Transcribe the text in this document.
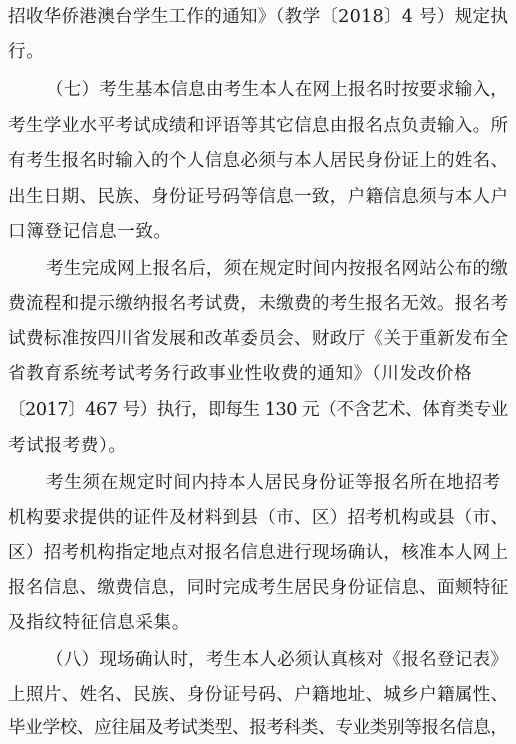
招收华侨港澳台学生工作的通知》（教学〔2018〕4 号）规定执
行。
（七）考生基本信息由考生本人在网上报名时按要求输入，
考生学业水平考试成绩和评语等其它信息由报名点负责输入。所
有考生报名时输入的个人信息必须与本人居民身份证上的姓名、
出生日期、民族、身份证号码等信息一致，户籍信息须与本人户
口簿登记信息一致。
考生完成网上报名后，须在规定时间内按报名网站公布的缴
费流程和提示缴纳报名考试费，未缴费的考生报名无效。报名考
试费标准按四川省发展和改革委员会、财政厅《关于重新发布全
省教育系统考试考务行政事业性收费的通知》（川发改价格
〔2017〕467 号）执行，即每生 130 元（不含艺术、体育类专业
考试报考费）。
考生须在规定时间内持本人居民身份证等报名所在地招考
机构要求提供的证件及材料到县（市、区）招考机构或县（市、
区）招考机构指定地点对报名信息进行现场确认，核准本人网上
报名信息、缴费信息，同时完成考生居民身份证信息、面颊特征
及指纹特征信息采集。
（八）现场确认时，考生本人必须认真核对《报名登记表》
上照片、姓名、民族、身份证号码、户籍地址、城乡户籍属性、
毕业学校、应往届及考试类型、报考科类、专业类别等报名信息，
